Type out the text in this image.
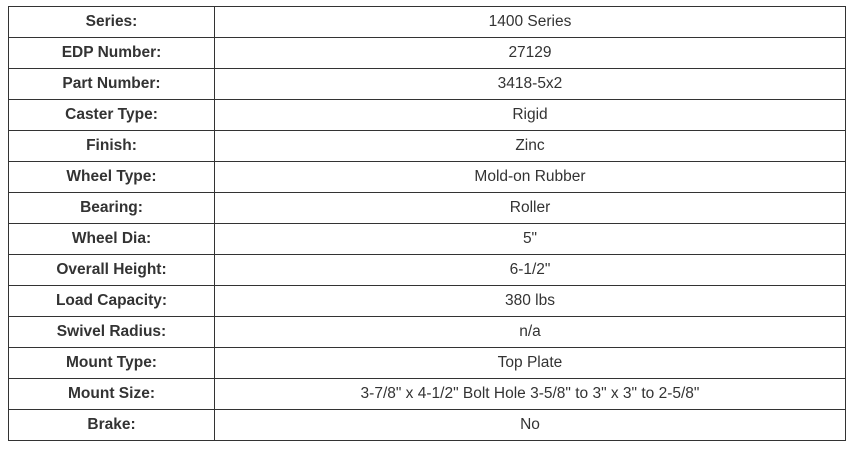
Series:	1400 Series
EDP Number:	27129
Part Number:	3418-5x2
Caster Type:	Rigid
Finish:	Zinc
Wheel Type:	Mold-on Rubber
Bearing:	Roller
Wheel Dia:	5"
Overall Height:	6-1/2"
Load Capacity:	380 lbs
Swivel Radius:	n/a
Mount Type:	Top Plate
Mount Size:	3-7/8" x 4-1/2" Bolt Hole 3-5/8" to 3" x 3" to 2-5/8"
Brake:	No
